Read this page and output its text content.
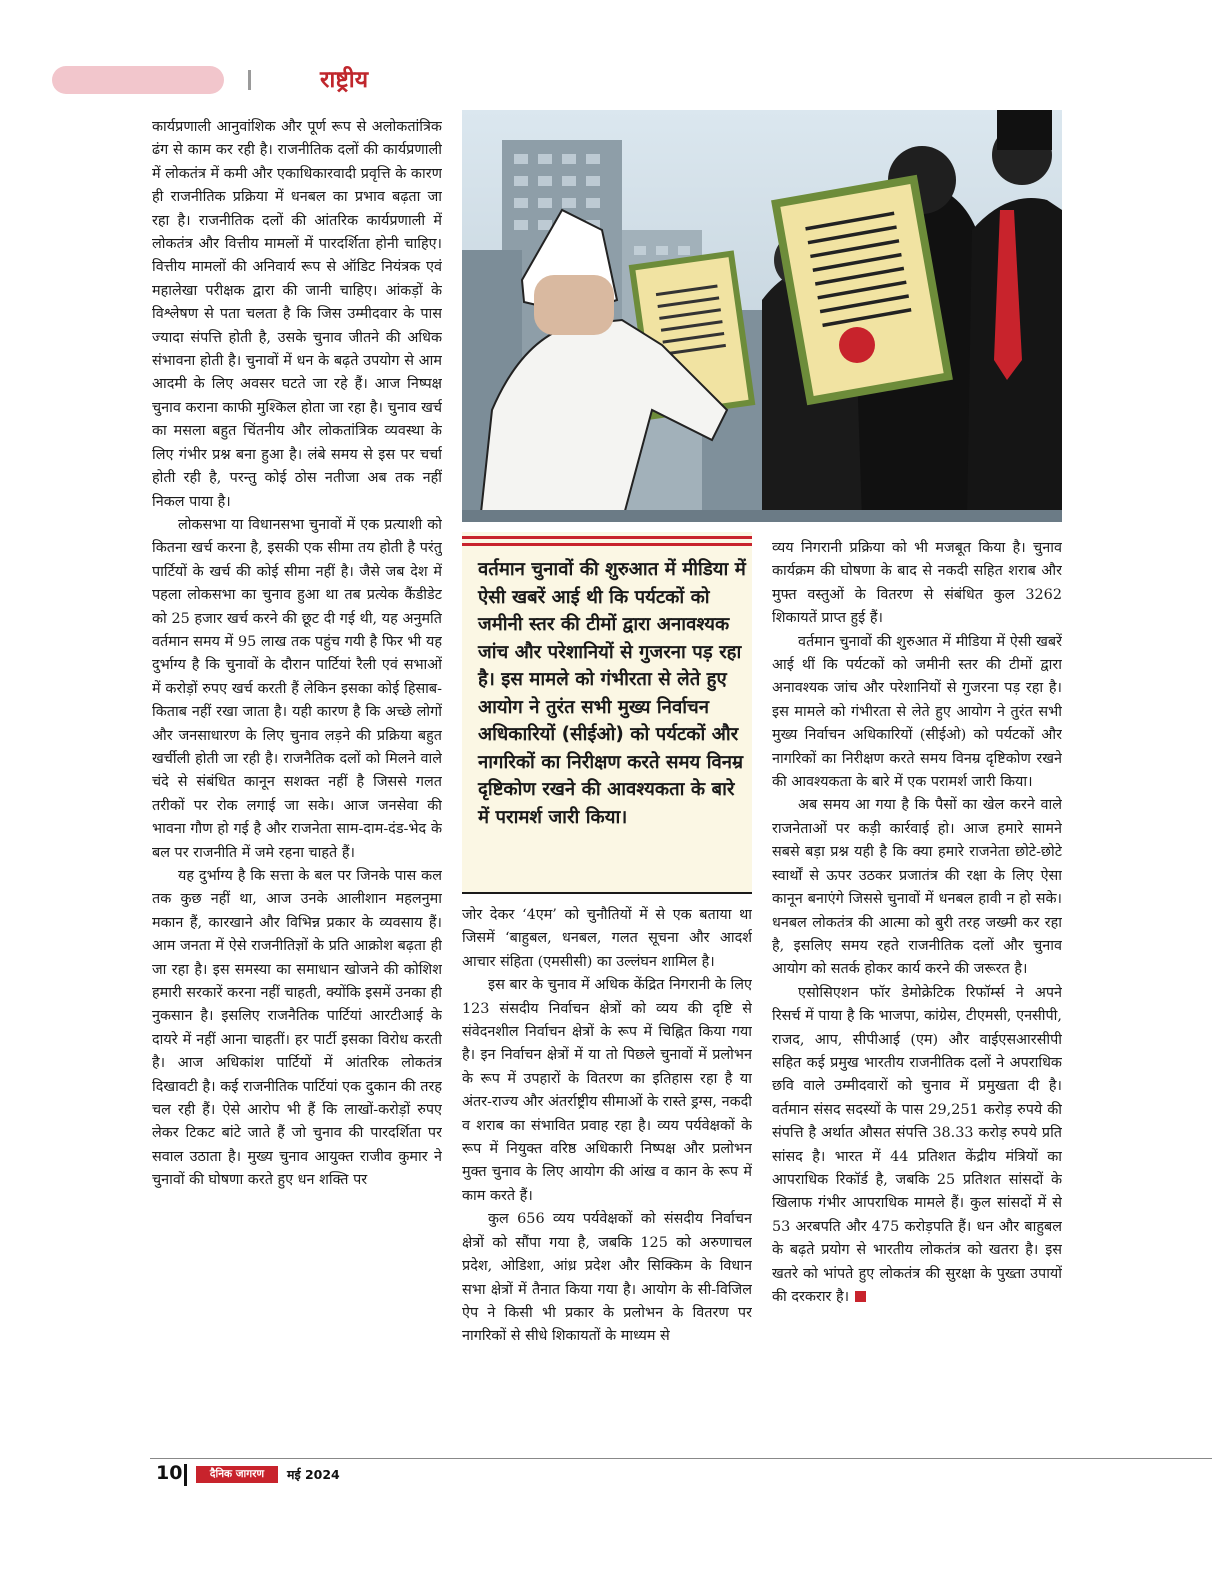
राष्ट्रीय

कार्यप्रणाली आनुवांशिक और पूर्ण रूप से अलोकतांत्रिक ढंग से काम कर रही है। राजनीतिक दलों की कार्यप्रणाली में लोकतंत्र में कमी और एकाधिकारवादी प्रवृत्ति के कारण ही राजनीतिक प्रक्रिया में धनबल का प्रभाव बढ़ता जा रहा है। राजनीतिक दलों की आंतरिक कार्यप्रणाली में लोकतंत्र और वित्तीय मामलों में पारदर्शिता होनी चाहिए। वित्तीय मामलों की अनिवार्य रूप से ऑडिट नियंत्रक एवं महालेखा परीक्षक द्वारा की जानी चाहिए। आंकड़ों के विश्लेषण से पता चलता है कि जिस उम्मीदवार के पास ज्यादा संपत्ति होती है, उसके चुनाव जीतने की अधिक संभावना होती है। चुनावों में धन के बढ़ते उपयोग से आम आदमी के लिए अवसर घटते जा रहे हैं। आज निष्पक्ष चुनाव कराना काफी मुश्किल होता जा रहा है। चुनाव खर्च का मसला बहुत चिंतनीय और लोकतांत्रिक व्यवस्था के लिए गंभीर प्रश्न बना हुआ है। लंबे समय से इस पर चर्चा होती रही है, परन्तु कोई ठोस नतीजा अब तक नहीं निकल पाया है।

लोकसभा या विधानसभा चुनावों में एक प्रत्याशी को कितना खर्च करना है, इसकी एक सीमा तय होती है परंतु पार्टियों के खर्च की कोई सीमा नहीं है। जैसे जब देश में पहला लोकसभा का चुनाव हुआ था तब प्रत्येक कैंडीडेट को 25 हजार खर्च करने की छूट दी गई थी, यह अनुमति वर्तमान समय में 95 लाख तक पहुंच गयी है फिर भी यह दुर्भाग्य है कि चुनावों के दौरान पार्टियां रैली एवं सभाओं में करोड़ों रुपए खर्च करती हैं लेकिन इसका कोई हिसाब-किताब नहीं रखा जाता है। यही कारण है कि अच्छे लोगों और जनसाधारण के लिए चुनाव लड़ने की प्रक्रिया बहुत खर्चीली होती जा रही है। राजनैतिक दलों को मिलने वाले चंदे से संबंधित कानून सशक्त नहीं है जिससे गलत तरीकों पर रोक लगाई जा सके। आज जनसेवा की भावना गौण हो गई है और राजनेता साम-दाम-दंड-भेद के बल पर राजनीति में जमे रहना चाहते हैं।

यह दुर्भाग्य है कि सत्ता के बल पर जिनके पास कल तक कुछ नहीं था, आज उनके आलीशान महलनुमा मकान हैं, कारखाने और विभिन्न प्रकार के व्यवसाय हैं। आम जनता में ऐसे राजनीतिज्ञों के प्रति आक्रोश बढ़ता ही जा रहा है। इस समस्या का समाधान खोजने की कोशिश हमारी सरकारें करना नहीं चाहती, क्योंकि इसमें उनका ही नुकसान है। इसलिए राजनैतिक पार्टियां आरटीआई के दायरे में नहीं आना चाहतीं। हर पार्टी इसका विरोध करती है। आज अधिकांश पार्टियों में आंतरिक लोकतंत्र दिखावटी है। कई राजनीतिक पार्टियां एक दुकान की तरह चल रही हैं। ऐसे आरोप भी हैं कि लाखों-करोड़ों रुपए लेकर टिकट बांटे जाते हैं जो चुनाव की पारदर्शिता पर सवाल उठाता है। मुख्य चुनाव आयुक्त राजीव कुमार ने चुनावों की घोषणा करते हुए धन शक्ति पर

वर्तमान चुनावों की शुरुआत में मीडिया में ऐसी खबरें आई थी कि पर्यटकों को जमीनी स्तर की टीमों द्वारा अनावश्यक जांच और परेशानियों से गुजरना पड़ रहा है। इस मामले को गंभीरता से लेते हुए आयोग ने तुरंत सभी मुख्य निर्वाचन अधिकारियों (सीईओ) को पर्यटकों और नागरिकों का निरीक्षण करते समय विनम्र दृष्टिकोण रखने की आवश्यकता के बारे में परामर्श जारी किया।

जोर देकर ‘4एम’ को चुनौतियों में से एक बताया था जिसमें ‘बाहुबल, धनबल, गलत सूचना और आदर्श आचार संहिता (एमसीसी) का उल्लंघन शामिल है।

इस बार के चुनाव में अधिक केंद्रित निगरानी के लिए 123 संसदीय निर्वाचन क्षेत्रों को व्यय की दृष्टि से संवेदनशील निर्वाचन क्षेत्रों के रूप में चिह्नित किया गया है। इन निर्वाचन क्षेत्रों में या तो पिछले चुनावों में प्रलोभन के रूप में उपहारों के वितरण का इतिहास रहा है या अंतर-राज्य और अंतर्राष्ट्रीय सीमाओं के रास्ते ड्रग्स, नकदी व शराब का संभावित प्रवाह रहा है। व्यय पर्यवेक्षकों के रूप में नियुक्त वरिष्ठ अधिकारी निष्पक्ष और प्रलोभन मुक्त चुनाव के लिए आयोग की आंख व कान के रूप में काम करते हैं।

कुल 656 व्यय पर्यवेक्षकों को संसदीय निर्वाचन क्षेत्रों को सौंपा गया है, जबकि 125 को अरुणाचल प्रदेश, ओडिशा, आंध्र प्रदेश और सिक्किम के विधान सभा क्षेत्रों में तैनात किया गया है। आयोग के सी-विजिल ऐप ने किसी भी प्रकार के प्रलोभन के वितरण पर नागरिकों से सीधे शिकायतों के माध्यम से

व्यय निगरानी प्रक्रिया को भी मजबूत किया है। चुनाव कार्यक्रम की घोषणा के बाद से नकदी सहित शराब और मुफ्त वस्तुओं के वितरण से संबंधित कुल 3262 शिकायतें प्राप्त हुई हैं।

वर्तमान चुनावों की शुरुआत में मीडिया में ऐसी खबरें आई थीं कि पर्यटकों को जमीनी स्तर की टीमों द्वारा अनावश्यक जांच और परेशानियों से गुजरना पड़ रहा है। इस मामले को गंभीरता से लेते हुए आयोग ने तुरंत सभी मुख्य निर्वाचन अधिकारियों (सीईओ) को पर्यटकों और नागरिकों का निरीक्षण करते समय विनम्र दृष्टिकोण रखने की आवश्यकता के बारे में एक परामर्श जारी किया।

अब समय आ गया है कि पैसों का खेल करने वाले राजनेताओं पर कड़ी कार्रवाई हो। आज हमारे सामने सबसे बड़ा प्रश्न यही है कि क्या हमारे राजनेता छोटे-छोटे स्वार्थों से ऊपर उठकर प्रजातंत्र की रक्षा के लिए ऐसा कानून बनाएंगे जिससे चुनावों में धनबल हावी न हो सके। धनबल लोकतंत्र की आत्मा को बुरी तरह जख्मी कर रहा है, इसलिए समय रहते राजनीतिक दलों और चुनाव आयोग को सतर्क होकर कार्य करने की जरूरत है।

एसोसिएशन फॉर डेमोक्रेटिक रिफॉर्म्स ने अपने रिसर्च में पाया है कि भाजपा, कांग्रेस, टीएमसी, एनसीपी, राजद, आप, सीपीआई (एम) और वाईएसआरसीपी सहित कई प्रमुख भारतीय राजनीतिक दलों ने अपराधिक छवि वाले उम्मीदवारों को चुनाव में प्रमुखता दी है। वर्तमान संसद सदस्यों के पास 29,251 करोड़ रुपये की संपत्ति है अर्थात औसत संपत्ति 38.33 करोड़ रुपये प्रति सांसद है। भारत में 44 प्रतिशत केंद्रीय मंत्रियों का आपराधिक रिकॉर्ड है, जबकि 25 प्रतिशत सांसदों के खिलाफ गंभीर आपराधिक मामले हैं। कुल सांसदों में से 53 अरबपति और 475 करोड़पति हैं। धन और बाहुबल के बढ़ते प्रयोग से भारतीय लोकतंत्र को खतरा है। इस खतरे को भांपते हुए लोकतंत्र की सुरक्षा के पुख्ता उपायों की दरकरार है।

10	दैनिक जागरण	मई 2024
